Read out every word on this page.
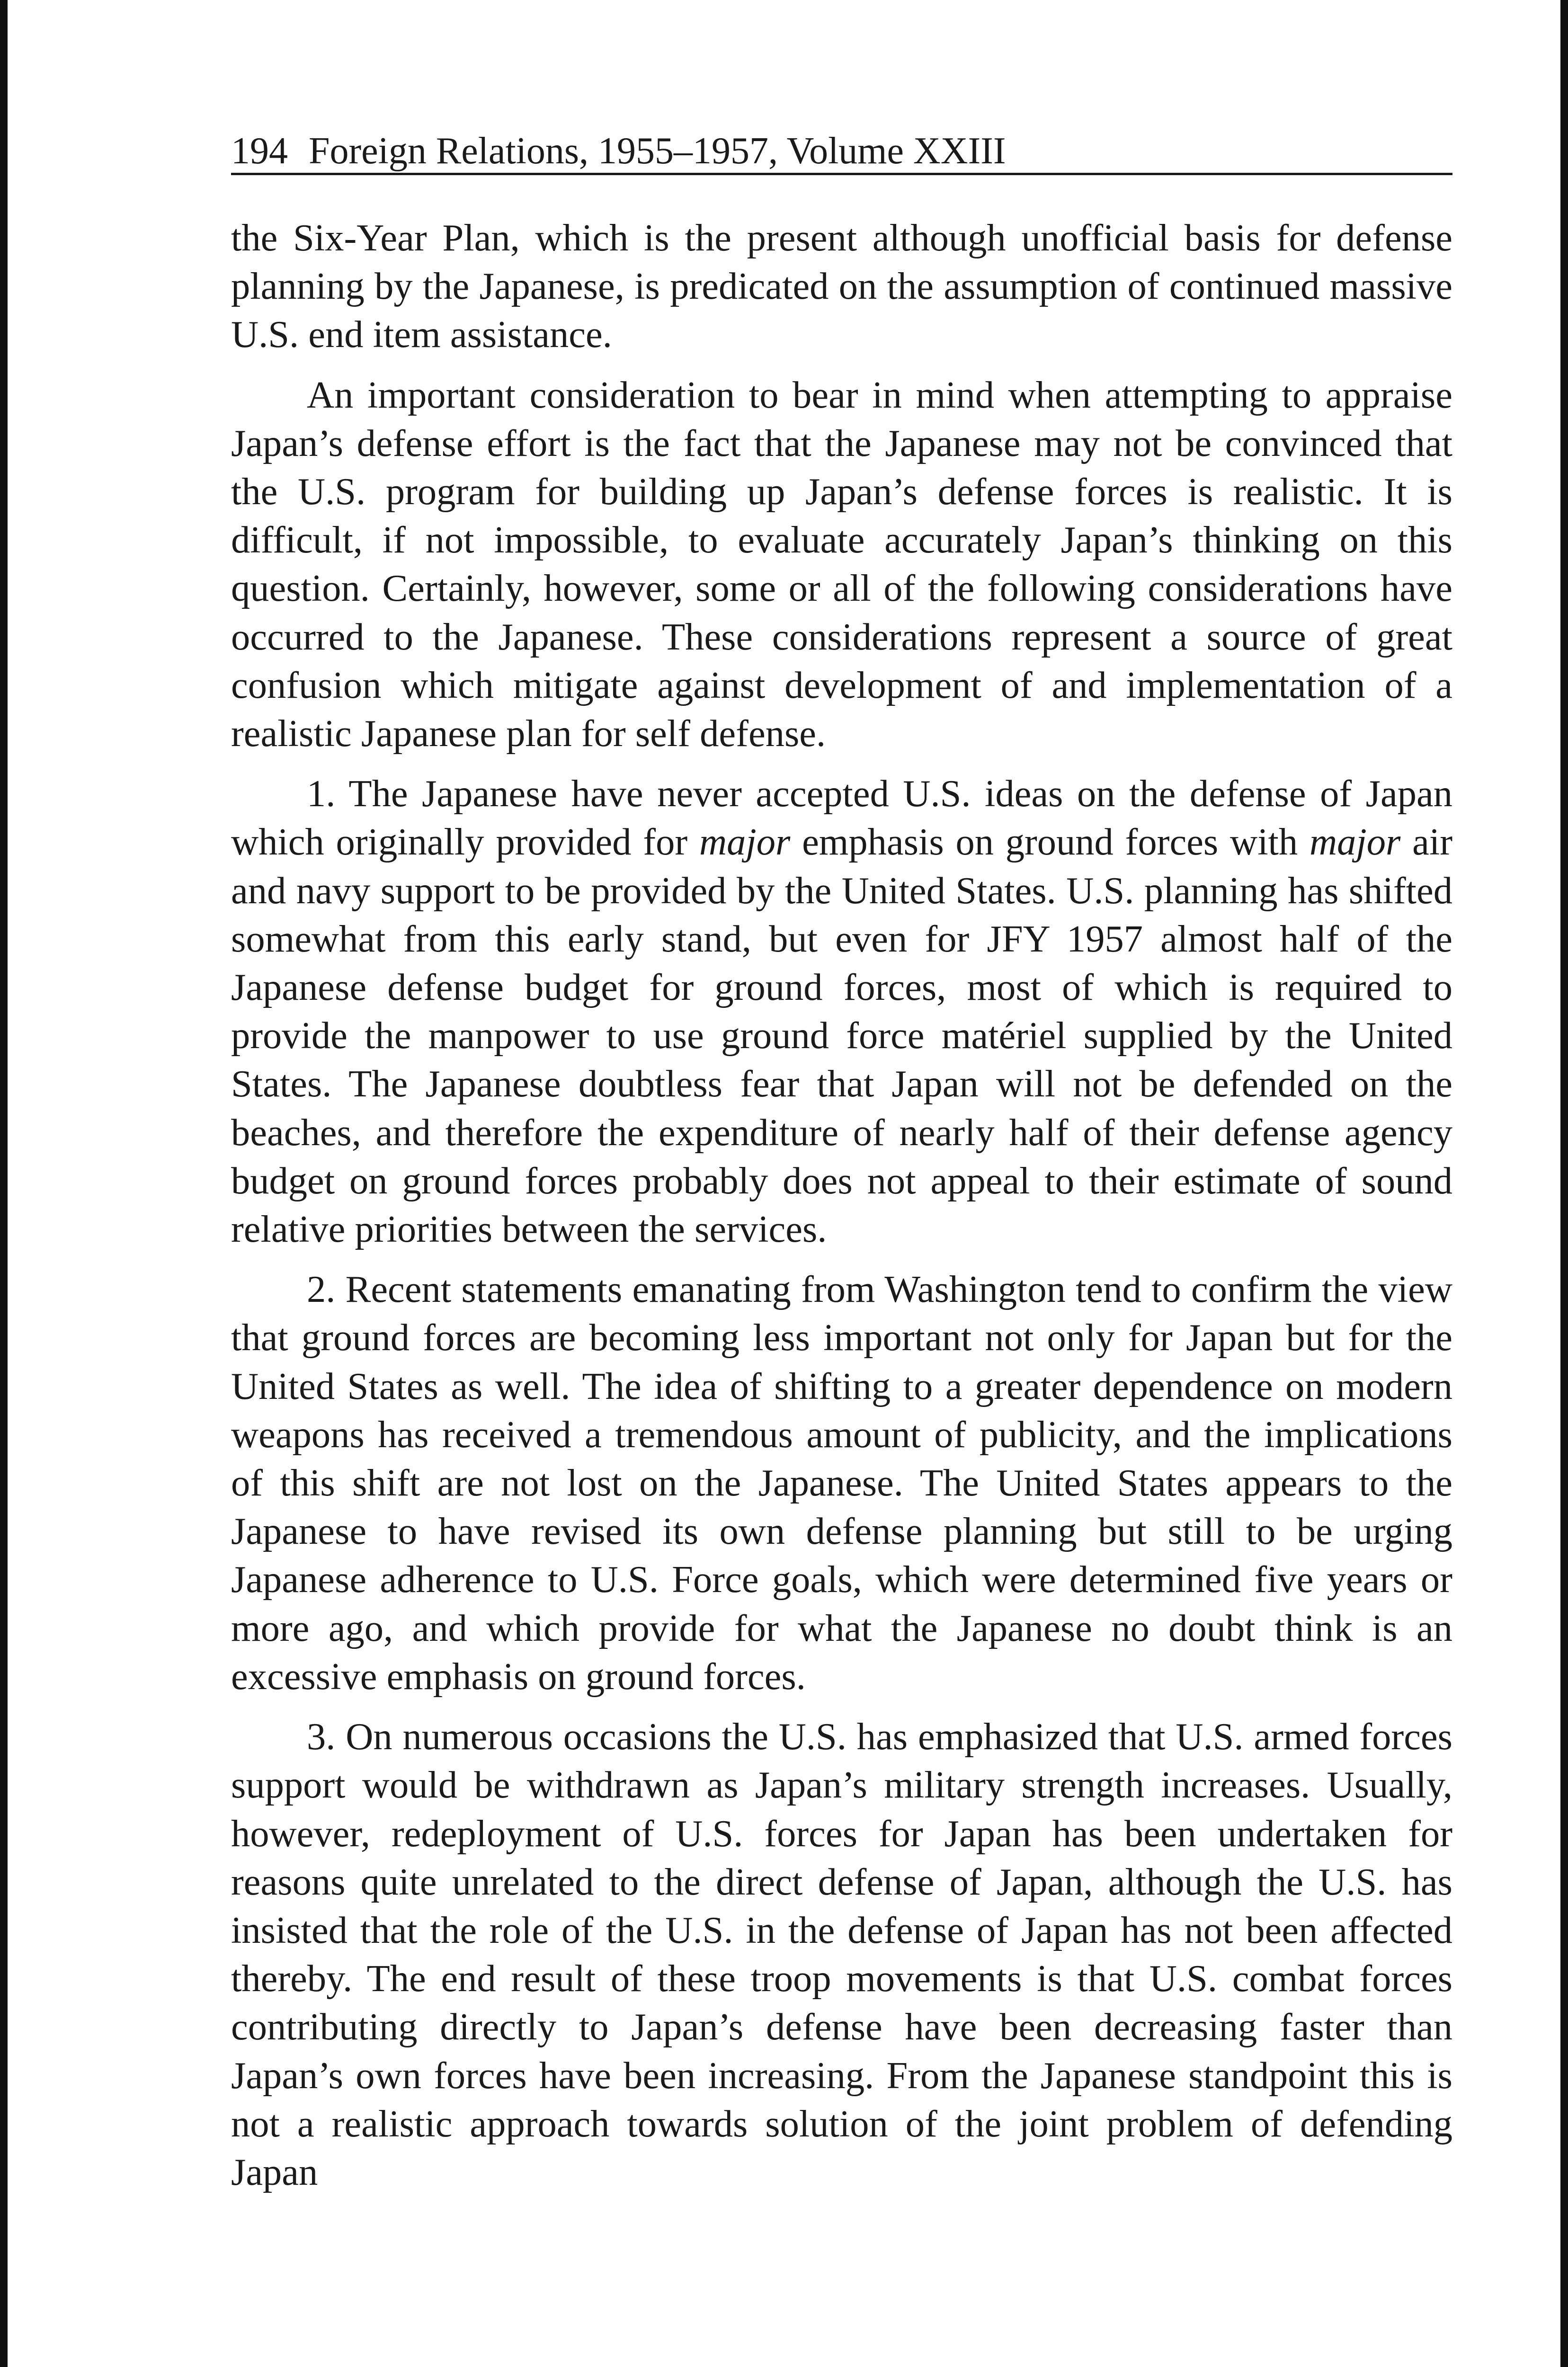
194 Foreign Relations, 1955–1957, Volume XXIII

the Six-Year Plan, which is the present although unofficial basis for defense planning by the Japanese, is predicated on the assumption of continued massive U.S. end item assistance.

An important consideration to bear in mind when attempting to appraise Japan’s defense effort is the fact that the Japanese may not be convinced that the U.S. program for building up Japan’s defense forces is realistic. It is difficult, if not impossible, to evaluate accurately Japan’s thinking on this question. Certainly, however, some or all of the following considerations have occurred to the Japanese. These considerations represent a source of great confusion which mitigate against development of and implementation of a realistic Japanese plan for self defense.

1. The Japanese have never accepted U.S. ideas on the defense of Japan which originally provided for major emphasis on ground forces with major air and navy support to be provided by the United States. U.S. planning has shifted somewhat from this early stand, but even for JFY 1957 almost half of the Japanese defense budget for ground forces, most of which is required to provide the manpower to use ground force matériel supplied by the United States. The Japanese doubtless fear that Japan will not be defended on the beaches, and therefore the expenditure of nearly half of their defense agency budget on ground forces probably does not appeal to their estimate of sound relative priorities between the services.

2. Recent statements emanating from Washington tend to confirm the view that ground forces are becoming less important not only for Japan but for the United States as well. The idea of shifting to a greater dependence on modern weapons has received a tremendous amount of publicity, and the implications of this shift are not lost on the Japanese. The United States appears to the Japanese to have revised its own defense planning but still to be urging Japanese adherence to U.S. Force goals, which were determined five years or more ago, and which provide for what the Japanese no doubt think is an excessive emphasis on ground forces.

3. On numerous occasions the U.S. has emphasized that U.S. armed forces support would be withdrawn as Japan’s military strength increases. Usually, however, redeployment of U.S. forces for Japan has been undertaken for reasons quite unrelated to the direct defense of Japan, although the U.S. has insisted that the role of the U.S. in the defense of Japan has not been affected thereby. The end result of these troop movements is that U.S. combat forces contributing directly to Japan’s defense have been decreasing faster than Japan’s own forces have been increasing. From the Japanese standpoint this is not a realistic approach towards solution of the joint problem of defending Japan
